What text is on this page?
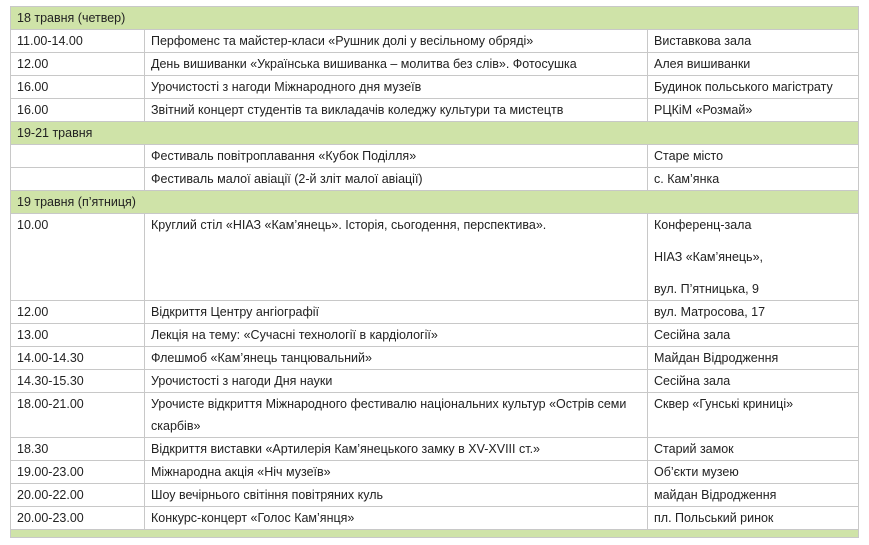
18 травня (четвер)		
11.00-14.00	Перфоменс та майстер-класи «Рушник долі у весільному обряді»	Виставкова зала

12.00	День вишиванки «Українська вишиванка – молитва без слів». Фотосушка	Алея вишиванки

16.00	Урочистості з нагоди Міжнародного дня музеїв	Будинок польського магістрату

16.00	Звітний концерт студентів та викладачів коледжу культури та мистецтв	РЦКіМ «Розмай»

19-21 травня		
	Фестиваль повітроплавання «Кубок Поділля»	Старе місто

	Фестиваль малої авіації (2-й зліт малої авіації)	с. Кам’янка

19 травня (п’ятниця)		
10.00	Круглий стіл «НІАЗ «Кам’янець». Історія, сьогодення, перспектива».	Конференц-зала
НІАЗ «Кам’янець»,
вул. П’ятницька, 9

12.00	Відкриття Центру ангіографії	вул. Матросова, 17

13.00	Лекція на тему: «Сучасні технології в кардіології»	Сесійна зала

14.00-14.30	Флешмоб «Кам’янець танцювальний»	Майдан Відродження

14.30-15.30	Урочистості з нагоди Дня науки	Сесійна зала

18.00-21.00	Урочисте відкриття Міжнародного фестивалю національних культур «Острів семи скарбів»	Сквер «Гунські криниці»

18.30	Відкриття виставки «Артилерія Кам’янецького замку в XV-XVIII ст.»	Старий замок

19.00-23.00	Міжнародна акція «Ніч музеїв»	Об’єкти музею

20.00-22.00	Шоу вечірнього світіння повітряних куль	майдан Відродження

20.00-23.00	Конкурс-концерт «Голос Кам’янця»	пл. Польський ринок
